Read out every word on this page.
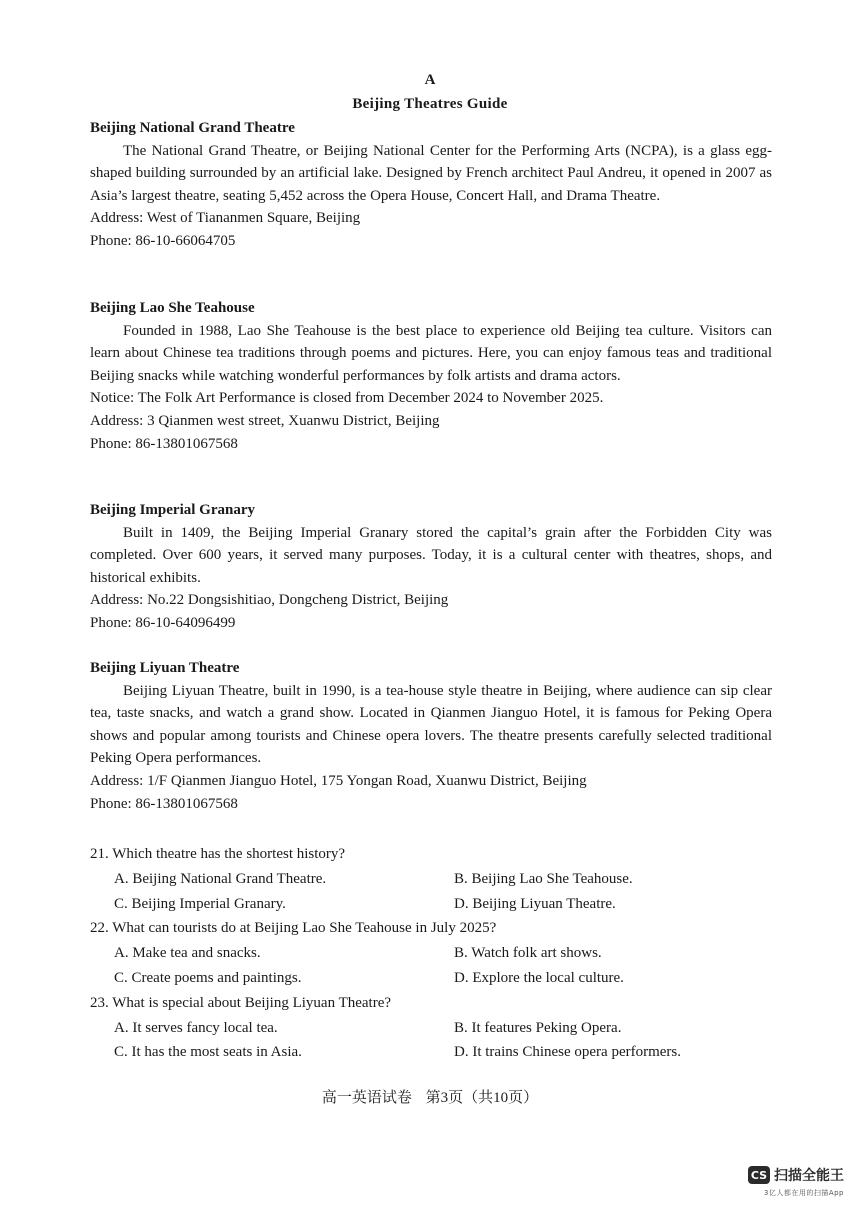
A
Beijing Theatres Guide
Beijing National Grand Theatre

The National Grand Theatre, or Beijing National Center for the Performing Arts (NCPA), is a glass egg-shaped building surrounded by an artificial lake. Designed by French architect Paul Andreu, it opened in 2007 as Asia’s largest theatre, seating 5,452 across the Opera House, Concert Hall, and Drama Theatre.

Address: West of Tiananmen Square, Beijing

Phone: 86-10-66064705

Beijing Lao She Teahouse

Founded in 1988, Lao She Teahouse is the best place to experience old Beijing tea culture. Visitors can learn about Chinese tea traditions through poems and pictures. Here, you can enjoy famous teas and traditional Beijing snacks while watching wonderful performances by folk artists and drama actors.

Notice: The Folk Art Performance is closed from December 2024 to November 2025.

Address: 3 Qianmen west street, Xuanwu District, Beijing

Phone: 86-13801067568

Beijing Imperial Granary

Built in 1409, the Beijing Imperial Granary stored the capital’s grain after the Forbidden City was completed. Over 600 years, it served many purposes. Today, it is a cultural center with theatres, shops, and historical exhibits.

Address: No.22 Dongsishitiao, Dongcheng District, Beijing

Phone: 86-10-64096499

Beijing Liyuan Theatre

Beijing Liyuan Theatre, built in 1990, is a tea-house style theatre in Beijing, where audience can sip clear tea, taste snacks, and watch a grand show. Located in Qianmen Jianguo Hotel, it is famous for Peking Opera shows and popular among tourists and Chinese opera lovers. The theatre presents carefully selected traditional Peking Opera performances.

Address: 1/F Qianmen Jianguo Hotel, 175 Yongan Road, Xuanwu District, Beijing

Phone: 86-13801067568

21. Which theatre has the shortest history?

A. Beijing National Grand Theatre.	B. Beijing Lao She Teahouse.

C. Beijing Imperial Granary.	D. Beijing Liyuan Theatre.

22. What can tourists do at Beijing Lao She Teahouse in July 2025?

A. Make tea and snacks.	B. Watch folk art shows.

C. Create poems and paintings.	D. Explore the local culture.

23. What is special about Beijing Liyuan Theatre?

A. It serves fancy local tea.	B. It features Peking Opera.

C. It has the most seats in Asia.	D. It trains Chinese opera performers.

高一英语试卷 第3页（共10页）
CS 扫描全能王
3亿人都在用的扫描App
